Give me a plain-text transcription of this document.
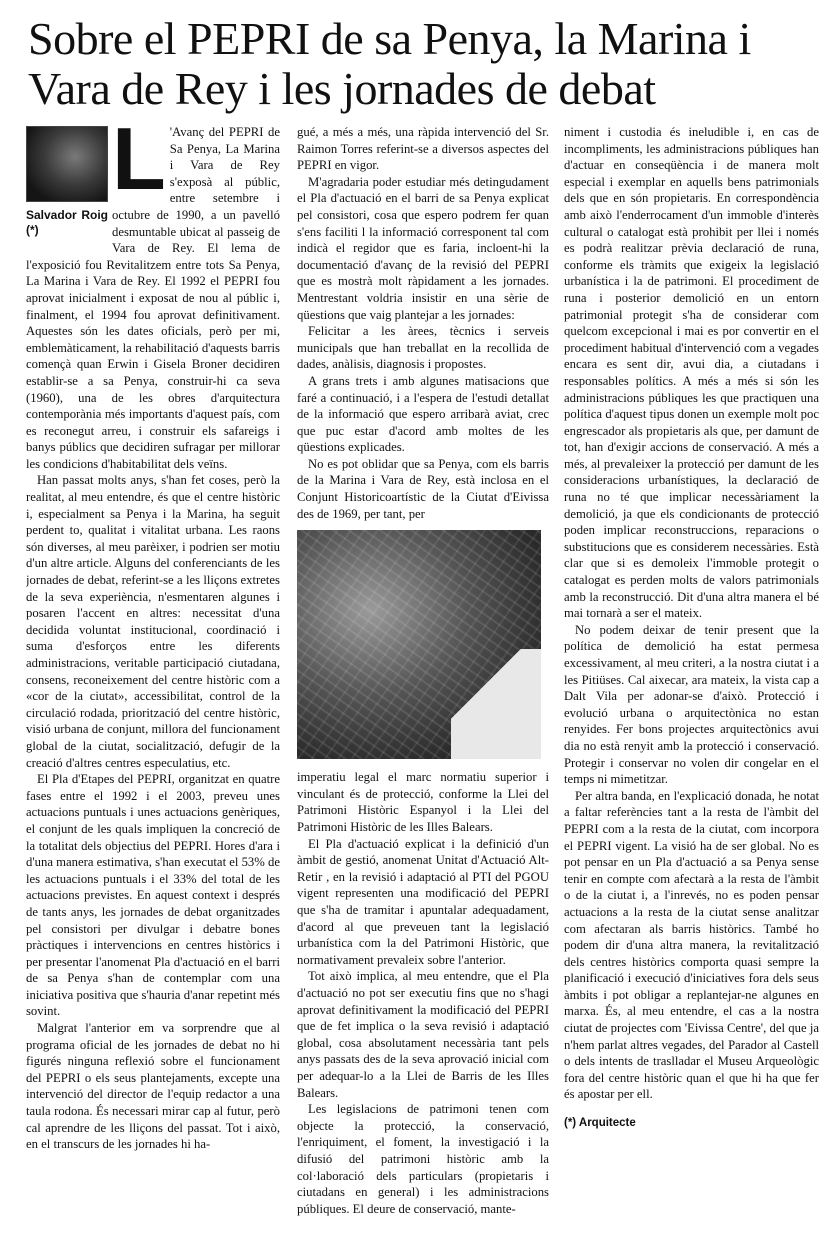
Sobre el PEPRI de sa Penya, la Marina i Vara de Rey i les jornades de debat
Salvador Roig (*)
L 'Avanç del PEPRI de Sa Penya, La Marina i Vara de Rey s'exposà al públic, entre setembre i octubre de 1990, a un pavelló desmuntable ubicat al passeig de Vara de Rey. El lema de l'exposició fou Revitalitzem entre tots Sa Penya, La Marina i Vara de Rey. El 1992 el PEPRI fou aprovat inicialment i exposat de nou al públic i, finalment, el 1994 fou aprovat definitivament. Aquestes són les dates oficials, però per mi, emblemàticament, la rehabilitació d'aquests barris començà quan Erwin i Gisela Broner decidiren establir-se a sa Penya, construir-hi ca seva (1960), una de les obres d'arquitectura contemporània més importants d'aquest país, com es reconegut arreu, i construir els safareigs i banys públics que decidiren sufragar per millorar les condicions d'habitabilitat dels veïns.

Han passat molts anys, s'han fet coses, però la realitat, al meu entendre, és que el centre històric i, especialment sa Penya i la Marina, ha seguit perdent to, qualitat i vitalitat urbana. Les raons són diverses, al meu parèixer, i podrien ser motiu d'un altre article. Alguns del conferenciants de les jornades de debat, referint-se a les lliçons extretes de la seva experiència, n'esmentaren algunes i posaren l'accent en altres: necessitat d'una decidida voluntat institucional, coordinació i suma d'esforços entre les diferents administracions, veritable participació ciutadana, consens, reconeixement del centre històric com a «cor de la ciutat», accessibilitat, control de la circulació rodada, priorització del centre històric, visió urbana de conjunt, millora del funcionament global de la ciutat, socialització, defugir de la creació d'altres centres especulatius, etc.

El Pla d'Etapes del PEPRI, organitzat en quatre fases entre el 1992 i el 2003, preveu unes actuacions puntuals i unes actuacions genèriques, el conjunt de les quals impliquen la concreció de la totalitat dels objectius del PEPRI. Hores d'ara i d'una manera estimativa, s'han executat el 53% de les actuacions puntuals i el 33% del total de les actuacions previstes. En aquest context i després de tants anys, les jornades de debat organitzades pel consistori per divulgar i debatre bones pràctiques i intervencions en centres històrics i per presentar l'anomenat Pla d'actuació en el barri de sa Penya s'han de contemplar com una iniciativa positiva que s'hauria d'anar repetint més sovint.

Malgrat l'anterior em va sorprendre que al programa oficial de les jornades de debat no hi figurés ninguna reflexió sobre el funcionament del PEPRI o els seus plantejaments, excepte una intervenció del director de l'equip redactor a una taula rodona. És necessari mirar cap al futur, però cal aprendre de les lliçons del passat. Tot i això, en el transcurs de les jornades hi ha-

gué, a més a més, una ràpida intervenció del Sr. Raimon Torres referint-se a diversos aspectes del PEPRI en vigor.

M'agradaria poder estudiar més detingudament el Pla d'actuació en el barri de sa Penya explicat pel consistori, cosa que espero podrem fer quan s'ens faciliti l la informació corresponent tal com indicà el regidor que es faria, incloent-hi la documentació d'avanç de la revisió del PEPRI que es mostrà molt ràpidament a les jornades. Mentrestant voldria insistir en una sèrie de qüestions que vaig plantejar a les jornades:

Felicitar a les àrees, tècnics i serveis municipals que han treballat en la recollida de dades, anàlisis, diagnosis i propostes.

A grans trets i amb algunes matisacions que faré a continuació, i a l'espera de l'estudi detallat de la informació que espero arribarà aviat, crec que puc estar d'acord amb moltes de les qüestions explicades.

No es pot oblidar que sa Penya, com els barris de la Marina i Vara de Rey, està inclosa en el Conjunt Historicoartístic de la Ciutat d'Eivissa des de 1969, per tant, per

imperatiu legal el marc normatiu superior i vinculant és de protecció, conforme la Llei del Patrimoni Històric Espanyol i la Llei del Patrimoni Històric de les Illes Balears.

El Pla d'actuació explicat i la definició d'un àmbit de gestió, anomenat Unitat d'Actuació Alt-Retir , en la revisió i adaptació al PTI del PGOU vigent representen una modificació del PEPRI que s'ha de tramitar i apuntalar adequadament, d'acord al que preveuen tant la legislació urbanística com la del Patrimoni Històric, que normativament prevaleix sobre l'anterior.

Tot això implica, al meu entendre, que el Pla d'actuació no pot ser executiu fins que no s'hagi aprovat definitivament la modificació del PEPRI que de fet implica o la seva revisió i adaptació global, cosa absolutament necessària tant pels anys passats des de la seva aprovació inicial com per adequar-lo a la Llei de Barris de les Illes Balears.

Les legislacions de patrimoni tenen com objecte la protecció, la conservació, l'enriquiment, el foment, la investigació i la difusió del patrimoni històric amb la col·laboració dels particulars (propietaris i ciutadans en general) i les administracions públiques. El deure de conservació, mante-

niment i custodia és ineludible i, en cas de incompliments, les administracions públiques han d'actuar en conseqüència i de manera molt especial i exemplar en aquells bens patrimonials dels que en són propietaris. En correspondència amb això l'enderrocament d'un immoble d'interès cultural o catalogat està prohibit per llei i només es podrà realitzar prèvia declaració de runa, conforme els tràmits que exigeix la legislació urbanística i la de patrimoni. El procediment de runa i posterior demolició en un entorn patrimonial protegit s'ha de considerar com quelcom excepcional i mai es por convertir en el procediment habitual d'intervenció com a vegades encara es sent dir, avui dia, a ciutadans i responsables polítics. A més a més si són les administracions públiques les que practiquen una política d'aquest tipus donen un exemple molt poc engrescador als propietaris als que, per damunt de tot, han d'exigir accions de conservació. A més a més, al prevaleixer la protecció per damunt de les consideracions urbanístiques, la declaració de runa no té que implicar necessàriament la demolició, ja que els condicionants de protecció poden implicar reconstruccions, reparacions o substitucions que es considerem necessàries. Està clar que si es demoleix l'immoble protegit o catalogat es perden molts de valors patrimonials amb la reconstrucció. Dit d'una altra manera el bé mai tornarà a ser el mateix.

No podem deixar de tenir present que la política de demolició ha estat permesa excessivament, al meu criteri, a la nostra ciutat i a les Pitiüses. Cal aixecar, ara mateix, la vista cap a Dalt Vila per adonar-se d'això. Protecció i evolució urbana o arquitectònica no estan renyides. Fer bons projectes arquitectònics avui dia no està renyit amb la protecció i conservació. Protegir i conservar no volen dir congelar en el temps ni mimetitzar.

Per altra banda, en l'explicació donada, he notat a faltar referències tant a la resta de l'àmbit del PEPRI com a la resta de la ciutat, com incorpora el PEPRI vigent. La visió ha de ser global. No es pot pensar en un Pla d'actuació a sa Penya sense tenir en compte com afectarà a la resta de l'àmbit o de la ciutat i, a l'inrevés, no es poden pensar actuacions a la resta de la ciutat sense analitzar com afectaran als barris històrics. També ho podem dir d'una altra manera, la revitalització dels centres històrics comporta quasi sempre la planificació i execució d'iniciatives fora dels seus àmbits i pot obligar a replantejar-ne algunes en marxa. És, al meu entendre, el cas a la nostra ciutat de projectes com 'Eivissa Centre', del que ja n'hem parlat altres vegades, del Parador al Castell o dels intents de traslladar el Museu Arqueològic fora del centre històric quan el que hi ha que fer és apostar per ell.

(*) Arquitecte
